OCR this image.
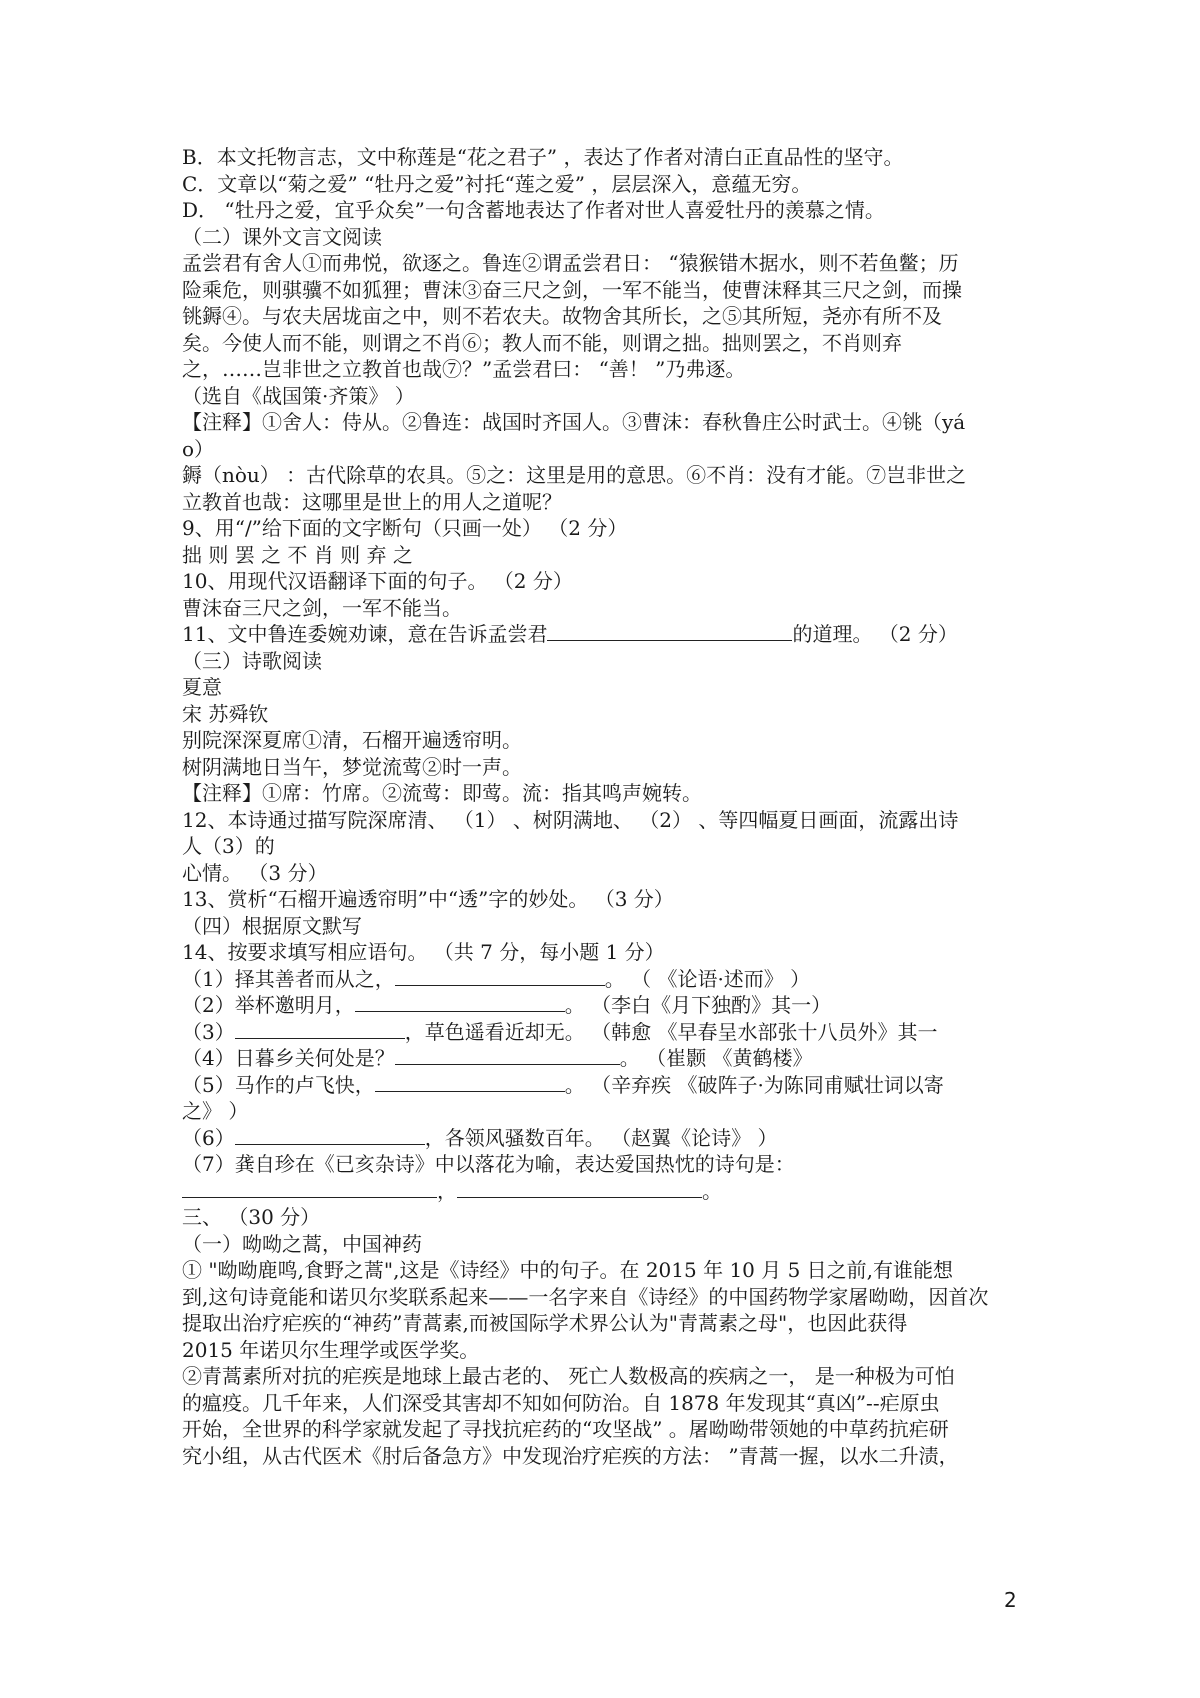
B．本文托物言志，文中称莲是“花之君子” ，表达了作者对清白正直品性的坚守。
C．文章以“菊之爱” “牡丹之爱”衬托“莲之爱” ，层层深入，意蕴无穷。
D． “牡丹之爱，宜乎众矣”一句含蓄地表达了作者对世人喜爱牡丹的羡慕之情。
（二）课外文言文阅读
孟尝君有舍人①而弗悦，欲逐之。鲁连②谓孟尝君日： “猿猴错木据水，则不若鱼鳖；历
险乘危，则骐骥不如狐狸；曹沫③奋三尺之剑，一军不能当，使曹沫释其三尺之剑，而操
铫鎒④。与农夫居垅亩之中，则不若农夫。故物舍其所长，之⑤其所短，尧亦有所不及
矣。今使人而不能，则谓之不肖⑥；教人而不能，则谓之拙。拙则罢之，不肖则弃
之，……岂非世之立教首也哉⑦？”孟尝君曰： “善！ ”乃弗逐。
（选自《战国策·齐策》 ）
【注释】①舍人：侍从。②鲁连：战国时齐国人。③曹沫：春秋鲁庄公时武士。④铫（yá
o）
鎒（nòu） ：古代除草的农具。⑤之：这里是用的意思。⑥不肖：没有才能。⑦岂非世之
立教首也哉：这哪里是世上的用人之道呢？
9、用“/”给下面的文字断句（只画一处） （2 分）
拙 则 罢 之 不 肖 则 弃 之
10、用现代汉语翻译下面的句子。 （2 分）
曹沫奋三尺之剑，一军不能当。
11、文中鲁连委婉劝谏，意在告诉孟尝君	的道理。 （2 分）
（三）诗歌阅读
夏意
宋 苏舜钦
别院深深夏席①清，石榴开遍透帘明。
树阴满地日当午，梦觉流莺②时一声。
【注释】①席：竹席。②流莺：即莺。流：指其鸣声婉转。
12、本诗通过描写院深席清、 （1） 、树阴满地、 （2） 、等四幅夏日画面，流露出诗
人（3）的
心情。 （3 分）
13、赏析“石榴开遍透帘明”中“透”字的妙处。 （3 分）
（四）根据原文默写
14、按要求填写相应语句。 （共 7 分，每小题 1 分）
（1）择其善者而从之，	。 （ 《论语·述而》 ）
（2）举杯邀明月，	。 （李白《月下独酌》其一）
（3）	，草色遥看近却无。 （韩愈 《早春呈水部张十八员外》其一
（4）日暮乡关何处是？	。 （崔颢 《黄鹤楼》
（5）马作的卢飞快，	。 （辛弃疾 《破阵子·为陈同甫赋壮词以寄
之》 ）
（6）	，各领风骚数百年。 （赵翼《论诗》 ）
（7）龚自珍在《已亥杂诗》中以落花为喻，表达爱国热忱的诗句是：
，	。
三、 （30 分）
（一）呦呦之蒿，中国神药
① "呦呦鹿鸣,食野之蒿",这是《诗经》中的句子。在 2015 年 10 月 5 日之前,有谁能想
到,这句诗竟能和诺贝尔奖联系起来——一名字来自《诗经》的中国药物学家屠呦呦，因首次
提取出治疗疟疾的“神药”青蒿素,而被国际学术界公认为"青蒿素之母"，也因此获得
2015 年诺贝尔生理学或医学奖。
②青蒿素所对抗的疟疾是地球上最古老的、 死亡人数极高的疾病之一， 是一种极为可怕
的瘟疫。几千年来，人们深受其害却不知如何防治。自 1878 年发现其“真凶”--疟原虫
开始，全世界的科学家就发起了寻找抗疟药的“攻坚战” 。屠呦呦带领她的中草药抗疟研
究小组，从古代医术《肘后备急方》中发现治疗疟疾的方法： ”青蒿一握，以水二升渍，
2
